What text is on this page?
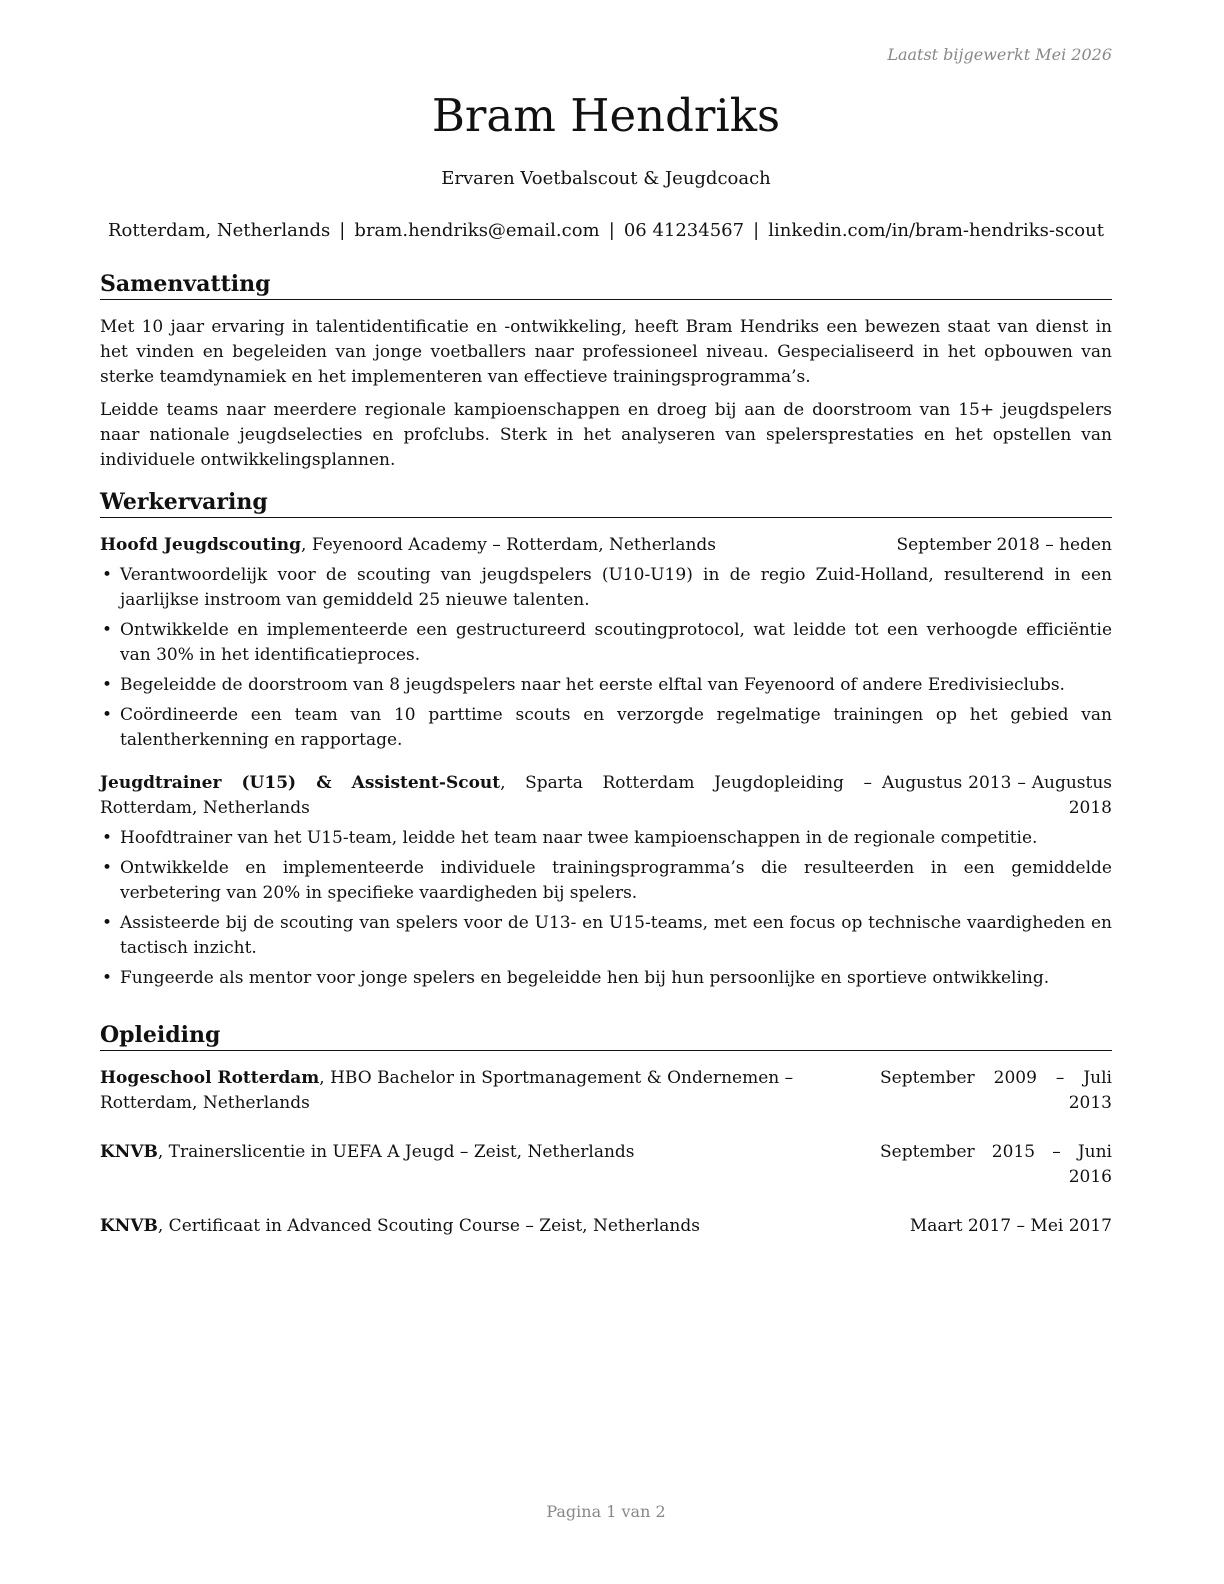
Laatst bijgewerkt Mei 2026
Bram Hendriks
Ervaren Voetbalscout & Jeugdcoach
Rotterdam, Netherlands | bram.hendriks@email.com | 06 41234567 | linkedin.com/in/bram-hendriks-scout
Samenvatting

Met 10 jaar ervaring in talentidentificatie en -ontwikkeling, heeft Bram Hendriks een bewezen staat van dienst in het vinden en begeleiden van jonge voetballers naar professioneel niveau. Gespecialiseerd in het opbouwen van sterke teamdynamiek en het implementeren van effectieve trainingsprogramma’s.

Leidde teams naar meerdere regionale kampioenschappen en droeg bij aan de doorstroom van 15+ jeugdspelers naar nationale jeugdselecties en profclubs. Sterk in het analyseren van spelersprestaties en het opstellen van individuele ontwikkelingsplannen.

Werkervaring
Hoofd Jeugdscouting, Feyenoord Academy – Rotterdam, Netherlands	September 2018 – heden
• Verantwoordelijk voor de scouting van jeugdspelers (U10-U19) in de regio Zuid-Holland, resulterend in een jaarlijkse instroom van gemiddeld 25 nieuwe talenten.
• Ontwikkelde en implementeerde een gestructureerd scoutingprotocol, wat leidde tot een verhoogde efficiëntie van 30% in het identificatieproces.
• Begeleidde de doorstroom van 8 jeugdspelers naar het eerste elftal van Feyenoord of andere Eredivisieclubs.
• Coördineerde een team van 10 parttime scouts en verzorgde regelmatige trainingen op het gebied van talentherkenning en rapportage.
Jeugdtrainer (U15) & Assistent-Scout, Sparta Rotterdam Jeugdopleiding – Rotterdam, Netherlands
Augustus 2013 – Augustus 2018
• Hoofdtrainer van het U15-team, leidde het team naar twee kampioenschappen in de regionale competitie.
• Ontwikkelde en implementeerde individuele trainingsprogramma’s die resulteerden in een gemiddelde verbetering van 20% in specifieke vaardigheden bij spelers.
• Assisteerde bij de scouting van spelers voor de U13- en U15-teams, met een focus op technische vaardigheden en tactisch inzicht.
• Fungeerde als mentor voor jonge spelers en begeleidde hen bij hun persoonlijke en sportieve ontwikkeling.
Opleiding
Hogeschool Rotterdam, HBO Bachelor in Sportmanagement & Ondernemen – Rotterdam, Netherlands
September 2009 – Juli 2013
KNVB, Trainerslicentie in UEFA A Jeugd – Zeist, Netherlands	September 2015 – Juni 2016
KNVB, Certificaat in Advanced Scouting Course – Zeist, Netherlands	Maart 2017 – Mei 2017
Pagina 1 van 2
